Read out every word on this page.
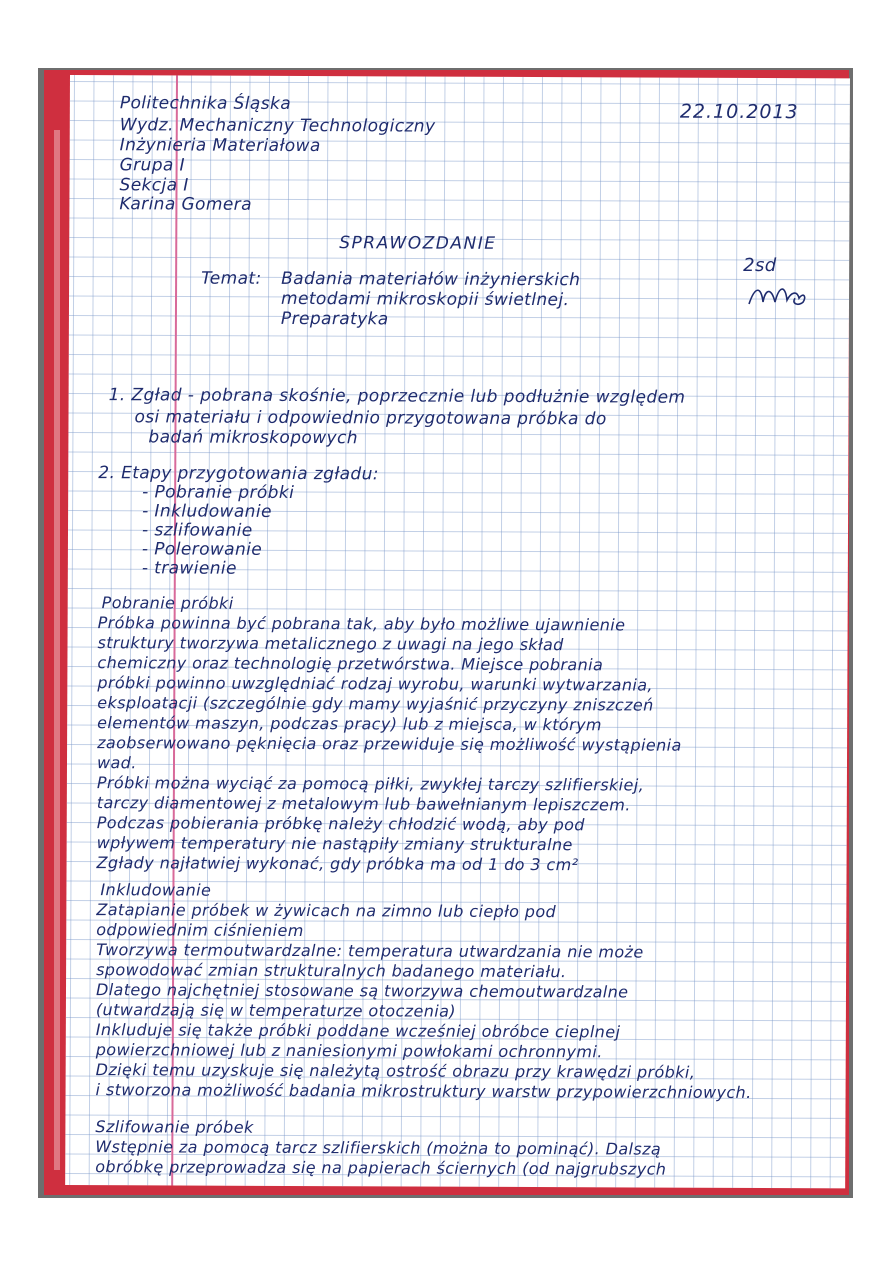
Politechnika Śląska
Wydz. Mechaniczny Technologiczny
Inżynieria Materiałowa
Grupa I
Sekcja I
Karina Gomera
22.10.2013
SPRAWOZDANIE
Temat: Badania materiałów inżynierskich
metodami mikroskopii świetlnej.
Preparatyka
2sd
1. Zgład - pobrana skośnie, poprzecznie lub podłużnie względem
osi materiału i odpowiednio przygotowana próbka do
badań mikroskopowych
2. Etapy przygotowania zgładu:
- Pobranie próbki
- Inkludowanie
- szlifowanie
- Polerowanie
- trawienie
Pobranie próbki
Próbka powinna być pobrana tak, aby było możliwe ujawnienie
struktury tworzywa metalicznego z uwagi na jego skład
chemiczny oraz technologię przetwórstwa. Miejsce pobrania
próbki powinno uwzględniać rodzaj wyrobu, warunki wytwarzania,
eksploatacji (szczególnie gdy mamy wyjaśnić przyczyny zniszczeń
elementów maszyn, podczas pracy) lub z miejsca, w którym
zaobserwowano pęknięcia oraz przewiduje się możliwość wystąpienia
wad.
Próbki można wyciąć za pomocą piłki, zwykłej tarczy szlifierskiej,
tarczy diamentowej z metalowym lub bawełnianym lepiszczem.
Podczas pobierania próbkę należy chłodzić wodą, aby pod
wpływem temperatury nie nastąpiły zmiany strukturalne
Zgłady najłatwiej wykonać, gdy próbka ma od 1 do 3 cm²
Inkludowanie
Zatapianie próbek w żywicach na zimno lub ciepło pod
odpowiednim ciśnieniem
Tworzywa termoutwardzalne: temperatura utwardzania nie może
spowodować zmian strukturalnych badanego materiału.
Dlatego najchętniej stosowane są tworzywa chemoutwardzalne
(utwardzają się w temperaturze otoczenia)
Inkluduje się także próbki poddane wcześniej obróbce cieplnej
powierzchniowej lub z naniesionymi powłokami ochronnymi.
Dzięki temu uzyskuje się należytą ostrość obrazu przy krawędzi próbki,
i stworzona możliwość badania mikrostruktury warstw przypowierzchniowych.
Szlifowanie próbek
Wstępnie za pomocą tarcz szlifierskich (można to pominąć). Dalszą
obróbkę przeprowadza się na papierach ściernych (od najgrubszych
